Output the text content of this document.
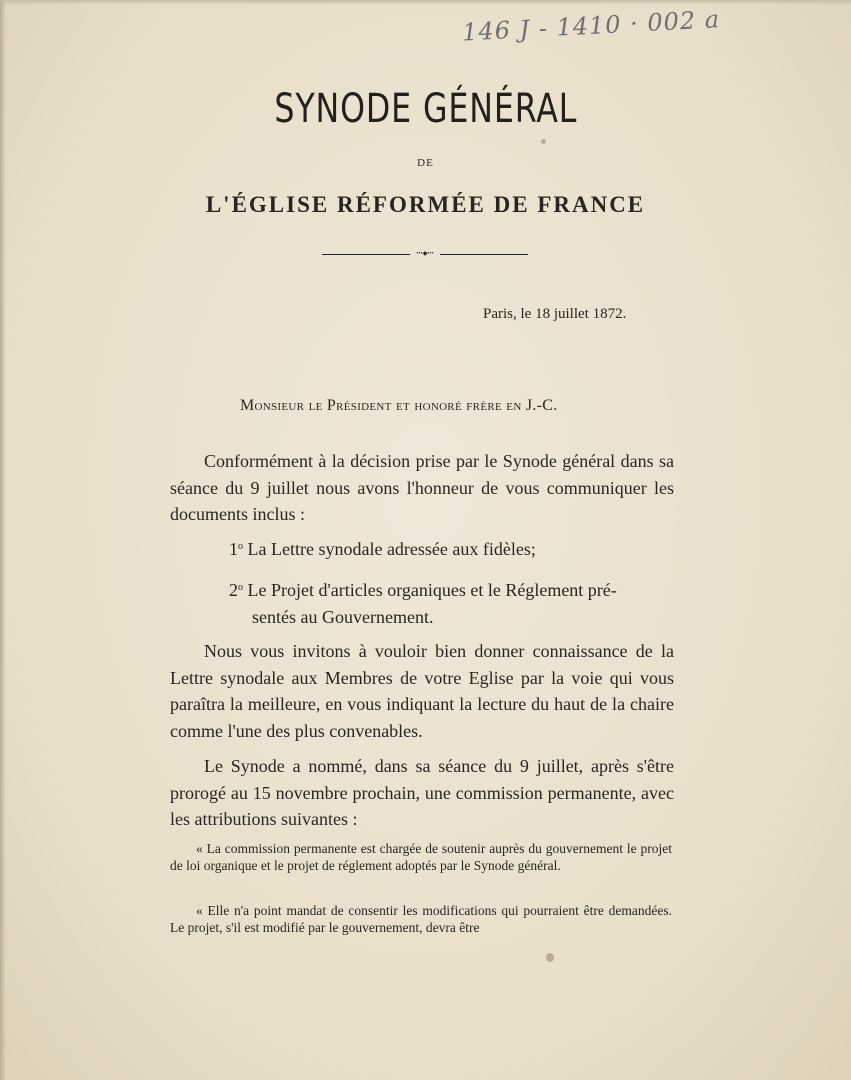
146 J - 1410 · 002 a
SYNODE GÉNÉRAL
DE
L'ÉGLISE RÉFORMÉE DE FRANCE
•••◆•••
Paris, le 18 juillet 1872.
Monsieur le Président et honoré frère en J.-C.
Conformément à la décision prise par le Synode général dans sa séance du 9 juillet nous avons l'honneur de vous communiquer les documents inclus :
1$^o$ La Lettre synodale adressée aux fidèles;
2$^o$ Le Projet d'articles organiques et le Réglement pré-
sentés au Gouvernement.
Nous vous invitons à vouloir bien donner connaissance de la Lettre synodale aux Membres de votre Eglise par la voie qui vous paraîtra la meilleure, en vous indiquant la lecture du haut de la chaire comme l'une des plus convenables.
Le Synode a nommé, dans sa séance du 9 juillet, après s'être prorogé au 15 novembre prochain, une commission permanente, avec les attributions suivantes :
« La commission permanente est chargée de soutenir auprès du gouvernement le projet de loi organique et le projet de réglement adoptés par le Synode général.
« Elle n'a point mandat de consentir les modifications qui pourraient être demandées. Le projet, s'il est modifié par le gouvernement, devra être
